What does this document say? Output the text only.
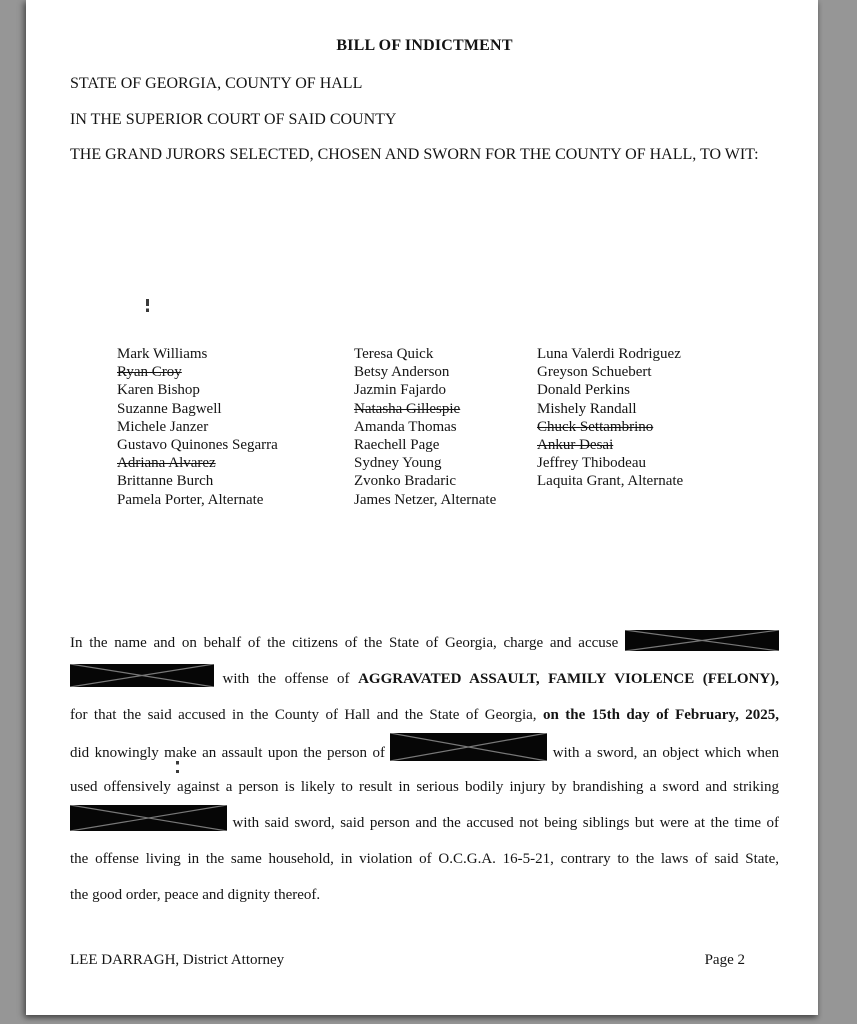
BILL OF INDICTMENT
STATE OF GEORGIA, COUNTY OF HALL
IN THE SUPERIOR COURT OF SAID COUNTY
THE GRAND JURORS SELECTED, CHOSEN AND SWORN FOR THE COUNTY OF HALL, TO WIT:
Mark Williams
Ryan Croy
Karen Bishop
Suzanne Bagwell
Michele Janzer
Gustavo Quinones Segarra
Adriana Alvarez
Brittanne Burch
Pamela Porter, Alternate
Teresa Quick
Betsy Anderson
Jazmin Fajardo
Natasha Gillespie
Amanda Thomas
Raechell Page
Sydney Young
Zvonko Bradaric
James Netzer, Alternate
Luna Valerdi Rodriguez
Greyson Schuebert
Donald Perkins
Mishely Randall
Chuck Settambrino
Ankur Desai
Jeffrey Thibodeau
Laquita Grant, Alternate
In the name and on behalf of the citizens of the State of Georgia, charge and accuse
with the offense of AGGRAVATED ASSAULT, FAMILY VIOLENCE (FELONY),
for that the said accused in the County of Hall and the State of Georgia, on the 15th day of February, 2025,
did knowingly make an assault upon the person of	with a sword, an object which when
used offensively against a person is likely to result in serious bodily injury by brandishing a sword and striking
with said sword, said person and the accused not being siblings but were at the time of
the offense living in the same household, in violation of O.C.G.A. 16-5-21, contrary to the laws of said State,
the good order, peace and dignity thereof.
LEE DARRAGH, District Attorney	Page 2
